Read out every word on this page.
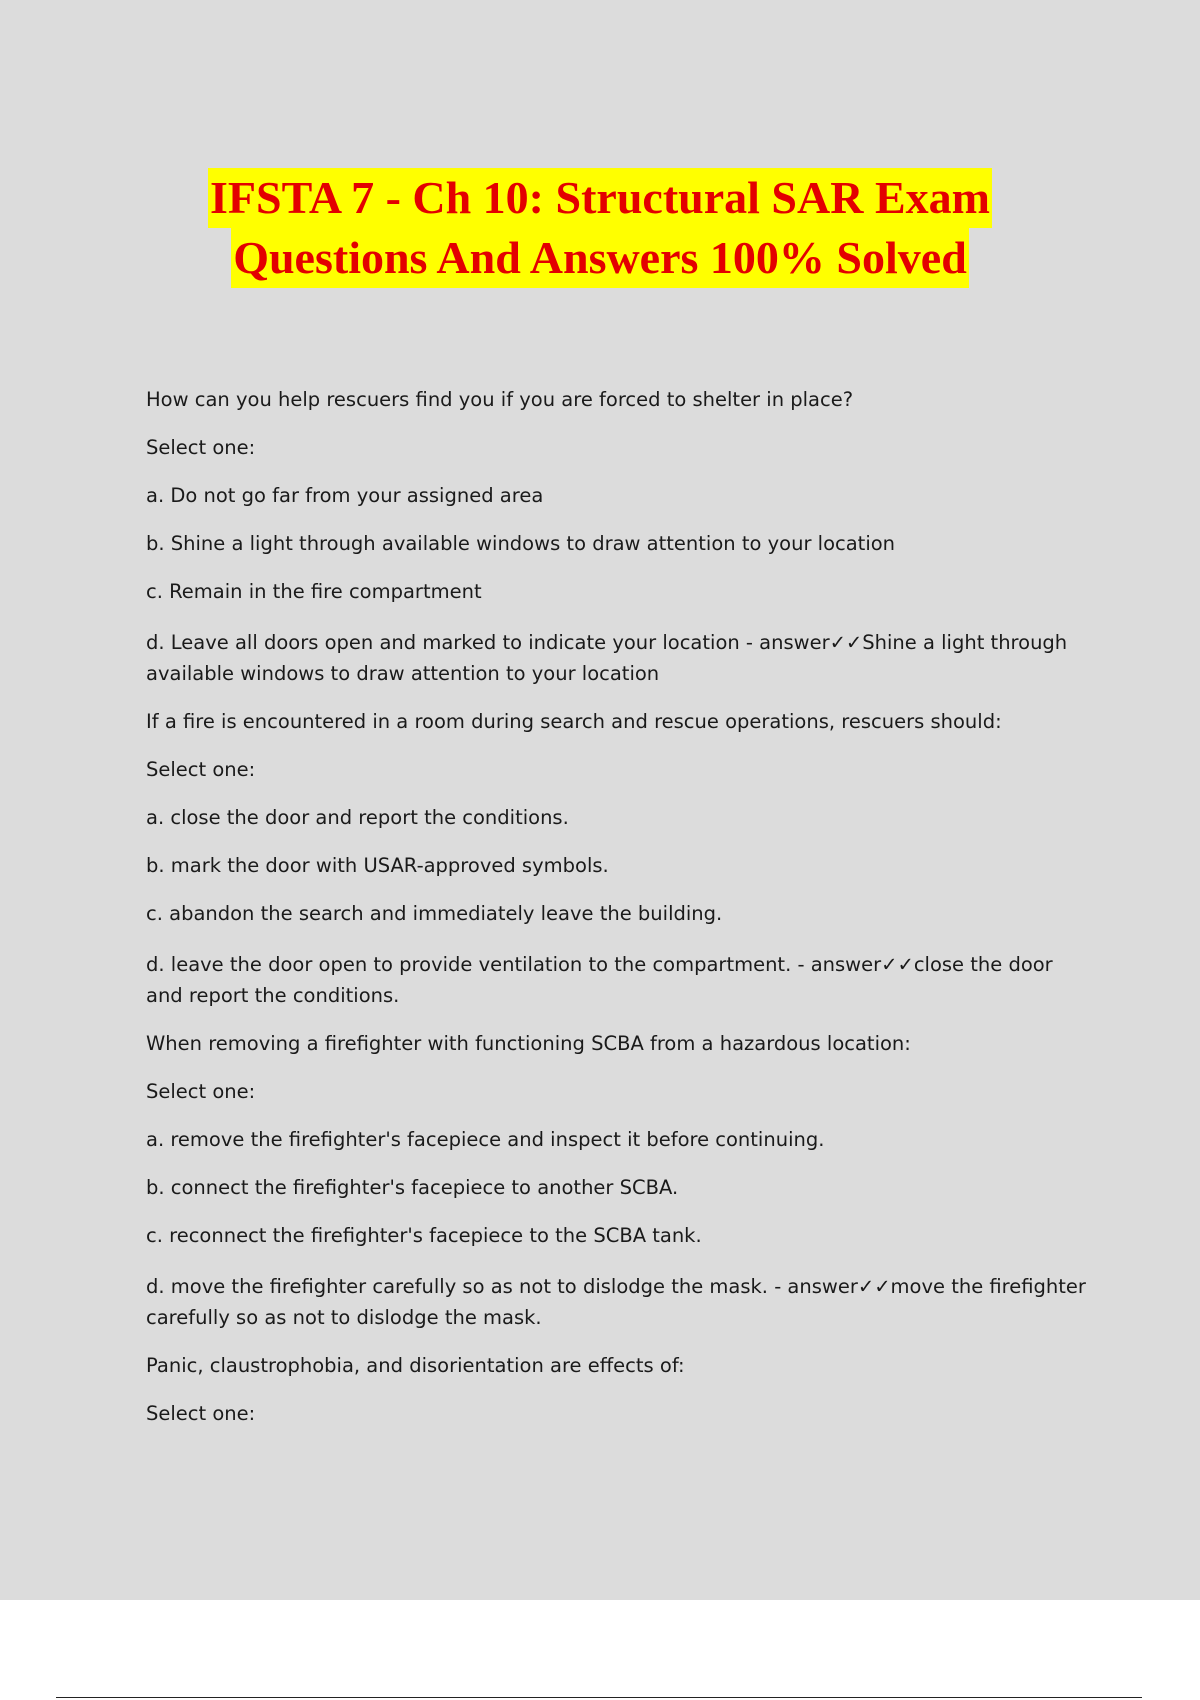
IFSTA 7 - Ch 10: Structural SAR Exam
Questions And Answers 100% Solved

How can you help rescuers find you if you are forced to shelter in place?

Select one:

a. Do not go far from your assigned area

b. Shine a light through available windows to draw attention to your location

c. Remain in the fire compartment

d. Leave all doors open and marked to indicate your location - answer✓✓Shine a light through available windows to draw attention to your location

If a fire is encountered in a room during search and rescue operations, rescuers should:

Select one:

a. close the door and report the conditions.

b. mark the door with USAR-approved symbols.

c. abandon the search and immediately leave the building.

d. leave the door open to provide ventilation to the compartment. - answer✓✓close the door and report the conditions.

When removing a firefighter with functioning SCBA from a hazardous location:

Select one:

a. remove the firefighter's facepiece and inspect it before continuing.

b. connect the firefighter's facepiece to another SCBA.

c. reconnect the firefighter's facepiece to the SCBA tank.

d. move the firefighter carefully so as not to dislodge the mask. - answer✓✓move the firefighter carefully so as not to dislodge the mask.

Panic, claustrophobia, and disorientation are effects of:

Select one:
